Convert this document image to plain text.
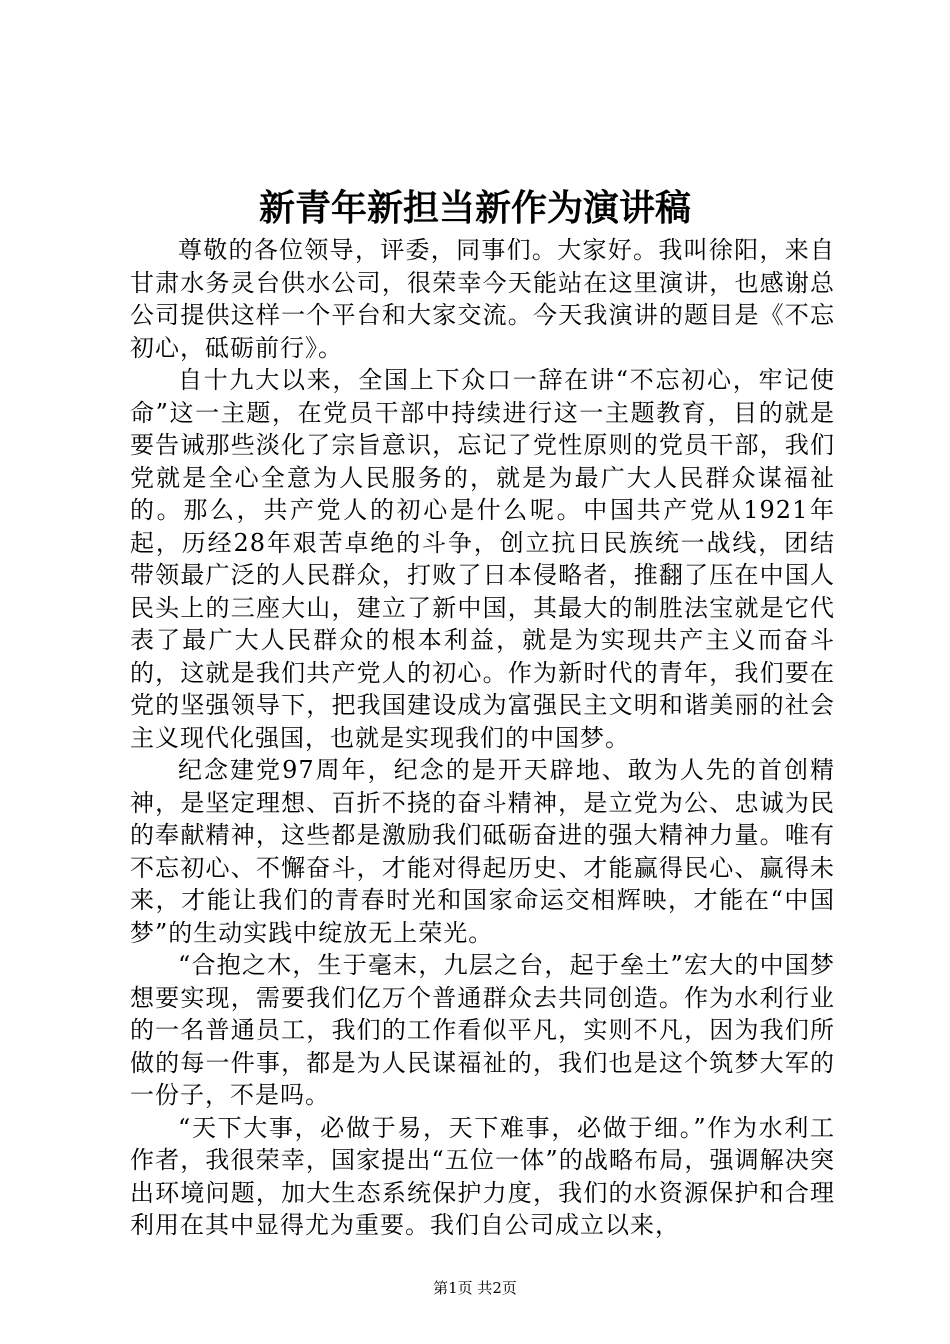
新青年新担当新作为演讲稿

尊敬的各位领导，评委，同事们。大家好。我叫徐阳，来自甘肃水务灵台供水公司，很荣幸今天能站在这里演讲，也感谢总公司提供这样一个平台和大家交流。今天我演讲的题目是《不忘初心，砥砺前行》。

自十九大以来，全国上下众口一辞在讲“不忘初心，牢记使命”这一主题，在党员干部中持续进行这一主题教育，目的就是要告诫那些淡化了宗旨意识，忘记了党性原则的党员干部，我们党就是全心全意为人民服务的，就是为最广大人民群众谋福祉的。那么，共产党人的初心是什么呢。中国共产党从1921年起，历经28年艰苦卓绝的斗争，创立抗日民族统一战线，团结带领最广泛的人民群众，打败了日本侵略者，推翻了压在中国人民头上的三座大山，建立了新中国，其最大的制胜法宝就是它代表了最广大人民群众的根本利益，就是为实现共产主义而奋斗的，这就是我们共产党人的初心。作为新时代的青年，我们要在党的坚强领导下，把我国建设成为富强民主文明和谐美丽的社会主义现代化强国，也就是实现我们的中国梦。

纪念建党97周年，纪念的是开天辟地、敢为人先的首创精神，是坚定理想、百折不挠的奋斗精神，是立党为公、忠诚为民的奉献精神，这些都是激励我们砥砺奋进的强大精神力量。唯有不忘初心、不懈奋斗，才能对得起历史、才能赢得民心、赢得未来，才能让我们的青春时光和国家命运交相辉映，才能在“中国梦”的生动实践中绽放无上荣光。

“合抱之木，生于毫末，九层之台，起于垒土”宏大的中国梦想要实现，需要我们亿万个普通群众去共同创造。作为水利行业的一名普通员工，我们的工作看似平凡，实则不凡，因为我们所做的每一件事，都是为人民谋福祉的，我们也是这个筑梦大军的一份子，不是吗。

“天下大事，必做于易，天下难事，必做于细。”作为水利工作者，我很荣幸，国家提出“五位一体”的战略布局，强调解决突出环境问题，加大生态系统保护力度，我们的水资源保护和合理利用在其中显得尤为重要。我们自公司成立以来，

第1页 共2页
